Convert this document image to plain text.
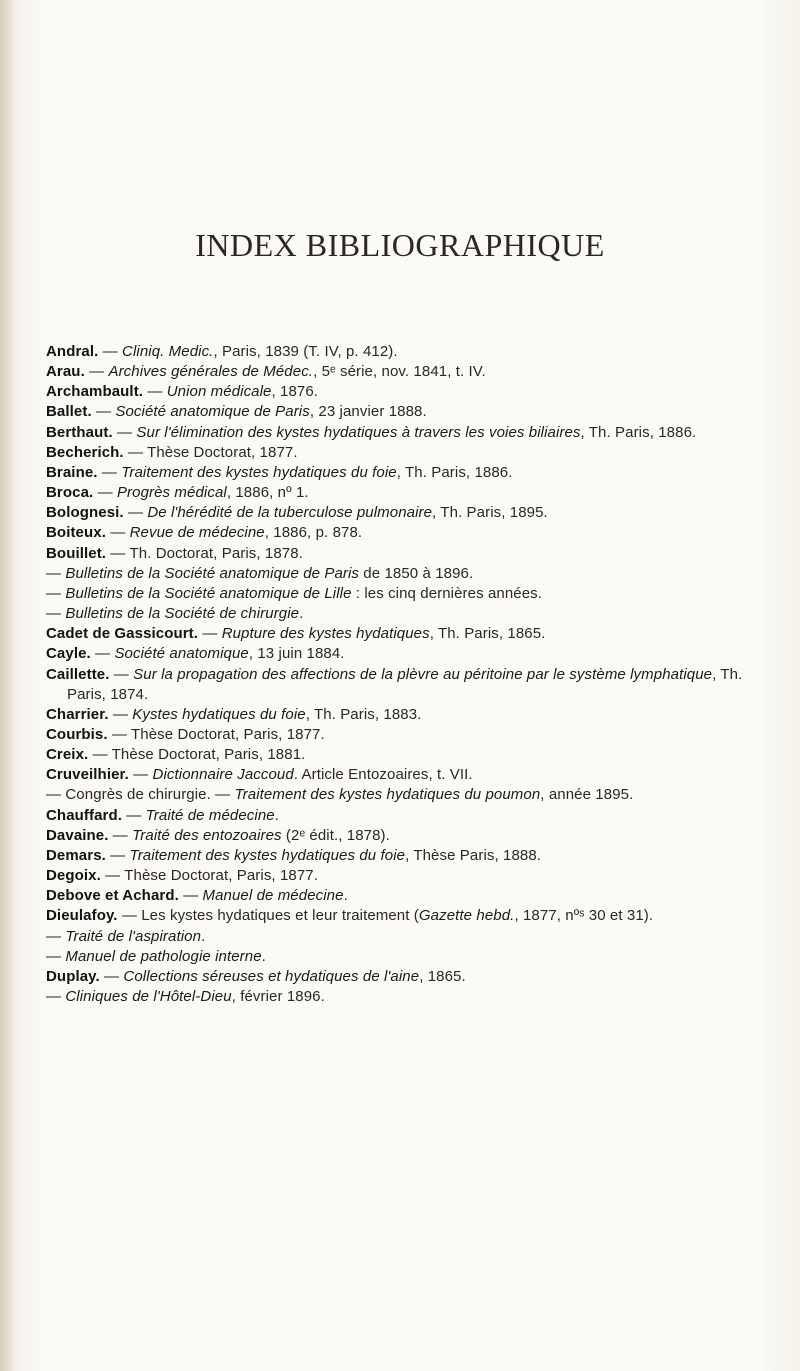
INDEX BIBLIOGRAPHIQUE

Andral. — Cliniq. Medic., Paris, 1839 (T. IV, p. 412).

Arau. — Archives générales de Médec., 5ᵉ série, nov. 1841, t. IV.

Archambault. — Union médicale, 1876.

Ballet. — Société anatomique de Paris, 23 janvier 1888.

Berthaut. — Sur l'élimination des kystes hydatiques à travers les voies biliaires, Th. Paris, 1886.

Becherich. — Thèse Doctorat, 1877.

Braine. — Traitement des kystes hydatiques du foie, Th. Paris, 1886.

Broca. — Progrès médical, 1886, nº 1.

Bolognesi. — De l'hérédité de la tuberculose pulmonaire, Th. Paris, 1895.

Boiteux. — Revue de médecine, 1886, p. 878.

Bouillet. — Th. Doctorat, Paris, 1878.

— Bulletins de la Société anatomique de Paris de 1850 à 1896.

— Bulletins de la Société anatomique de Lille : les cinq dernières années.

— Bulletins de la Société de chirurgie.

Cadet de Gassicourt. — Rupture des kystes hydatiques, Th. Paris, 1865.

Cayle. — Société anatomique, 13 juin 1884.

Caillette. — Sur la propagation des affections de la plèvre au péritoine par le système lymphatique, Th. Paris, 1874.

Charrier. — Kystes hydatiques du foie, Th. Paris, 1883.

Courbis. — Thèse Doctorat, Paris, 1877.

Creix. — Thèse Doctorat, Paris, 1881.

Cruveilhier. — Dictionnaire Jaccoud. Article Entozoaires, t. VII.

— Congrès de chirurgie. — Traitement des kystes hydatiques du poumon, année 1895.

Chauffard. — Traité de médecine.

Davaine. — Traité des entozoaires (2ᵉ édit., 1878).

Demars. — Traitement des kystes hydatiques du foie, Thèse Paris, 1888.

Degoix. — Thèse Doctorat, Paris, 1877.

Debove et Achard. — Manuel de médecine.

Dieulafoy. — Les kystes hydatiques et leur traitement (Gazette hebd., 1877, nºˢ 30 et 31).

— Traité de l'aspiration.

— Manuel de pathologie interne.

Duplay. — Collections séreuses et hydatiques de l'aine, 1865.

— Cliniques de l'Hôtel-Dieu, février 1896.
